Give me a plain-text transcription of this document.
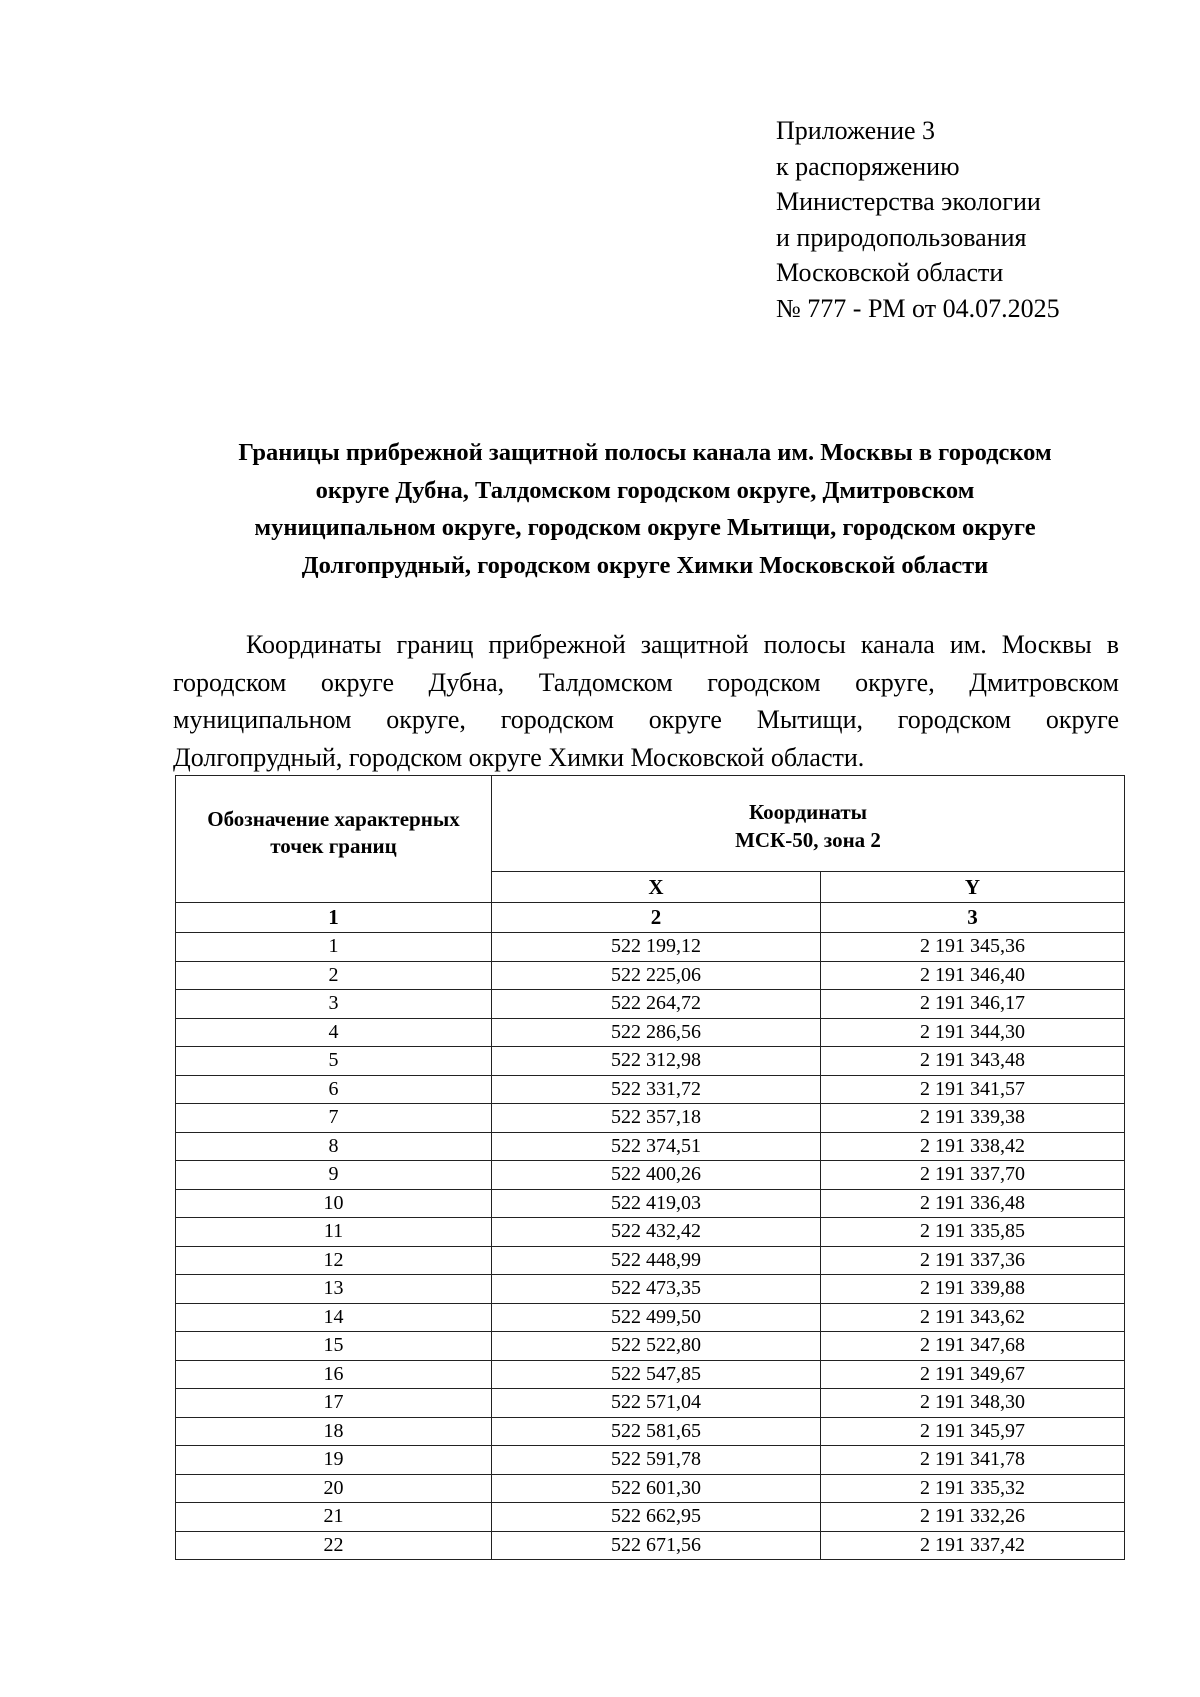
Приложение 3
к распоряжению
Министерства экологии
и природопользования
Московской области
№ 777 - РМ от 04.07.2025
Границы прибрежной защитной полосы канала им. Москвы в городском
округе Дубна, Талдомском городском округе, Дмитровском
муниципальном округе, городском округе Мытищи, городском округе
Долгопрудный, городском округе Химки Московской области
Координаты границ прибрежной защитной полосы канала им. Москвы в
городском округе Дубна, Талдомском городском округе, Дмитровском
муниципальном округе, городском округе Мытищи, городском округе
Долгопрудный, городском округе Химки Московской области.
Обозначение характерных
точек границ	Координаты
МСК-50, зона 2	

	X	Y
1	2	3
1	522 199,12	2 191 345,36
2	522 225,06	2 191 346,40
3	522 264,72	2 191 346,17
4	522 286,56	2 191 344,30
5	522 312,98	2 191 343,48
6	522 331,72	2 191 341,57
7	522 357,18	2 191 339,38
8	522 374,51	2 191 338,42
9	522 400,26	2 191 337,70
10	522 419,03	2 191 336,48
11	522 432,42	2 191 335,85
12	522 448,99	2 191 337,36
13	522 473,35	2 191 339,88
14	522 499,50	2 191 343,62
15	522 522,80	2 191 347,68
16	522 547,85	2 191 349,67
17	522 571,04	2 191 348,30
18	522 581,65	2 191 345,97
19	522 591,78	2 191 341,78
20	522 601,30	2 191 335,32
21	522 662,95	2 191 332,26
22	522 671,56	2 191 337,42
